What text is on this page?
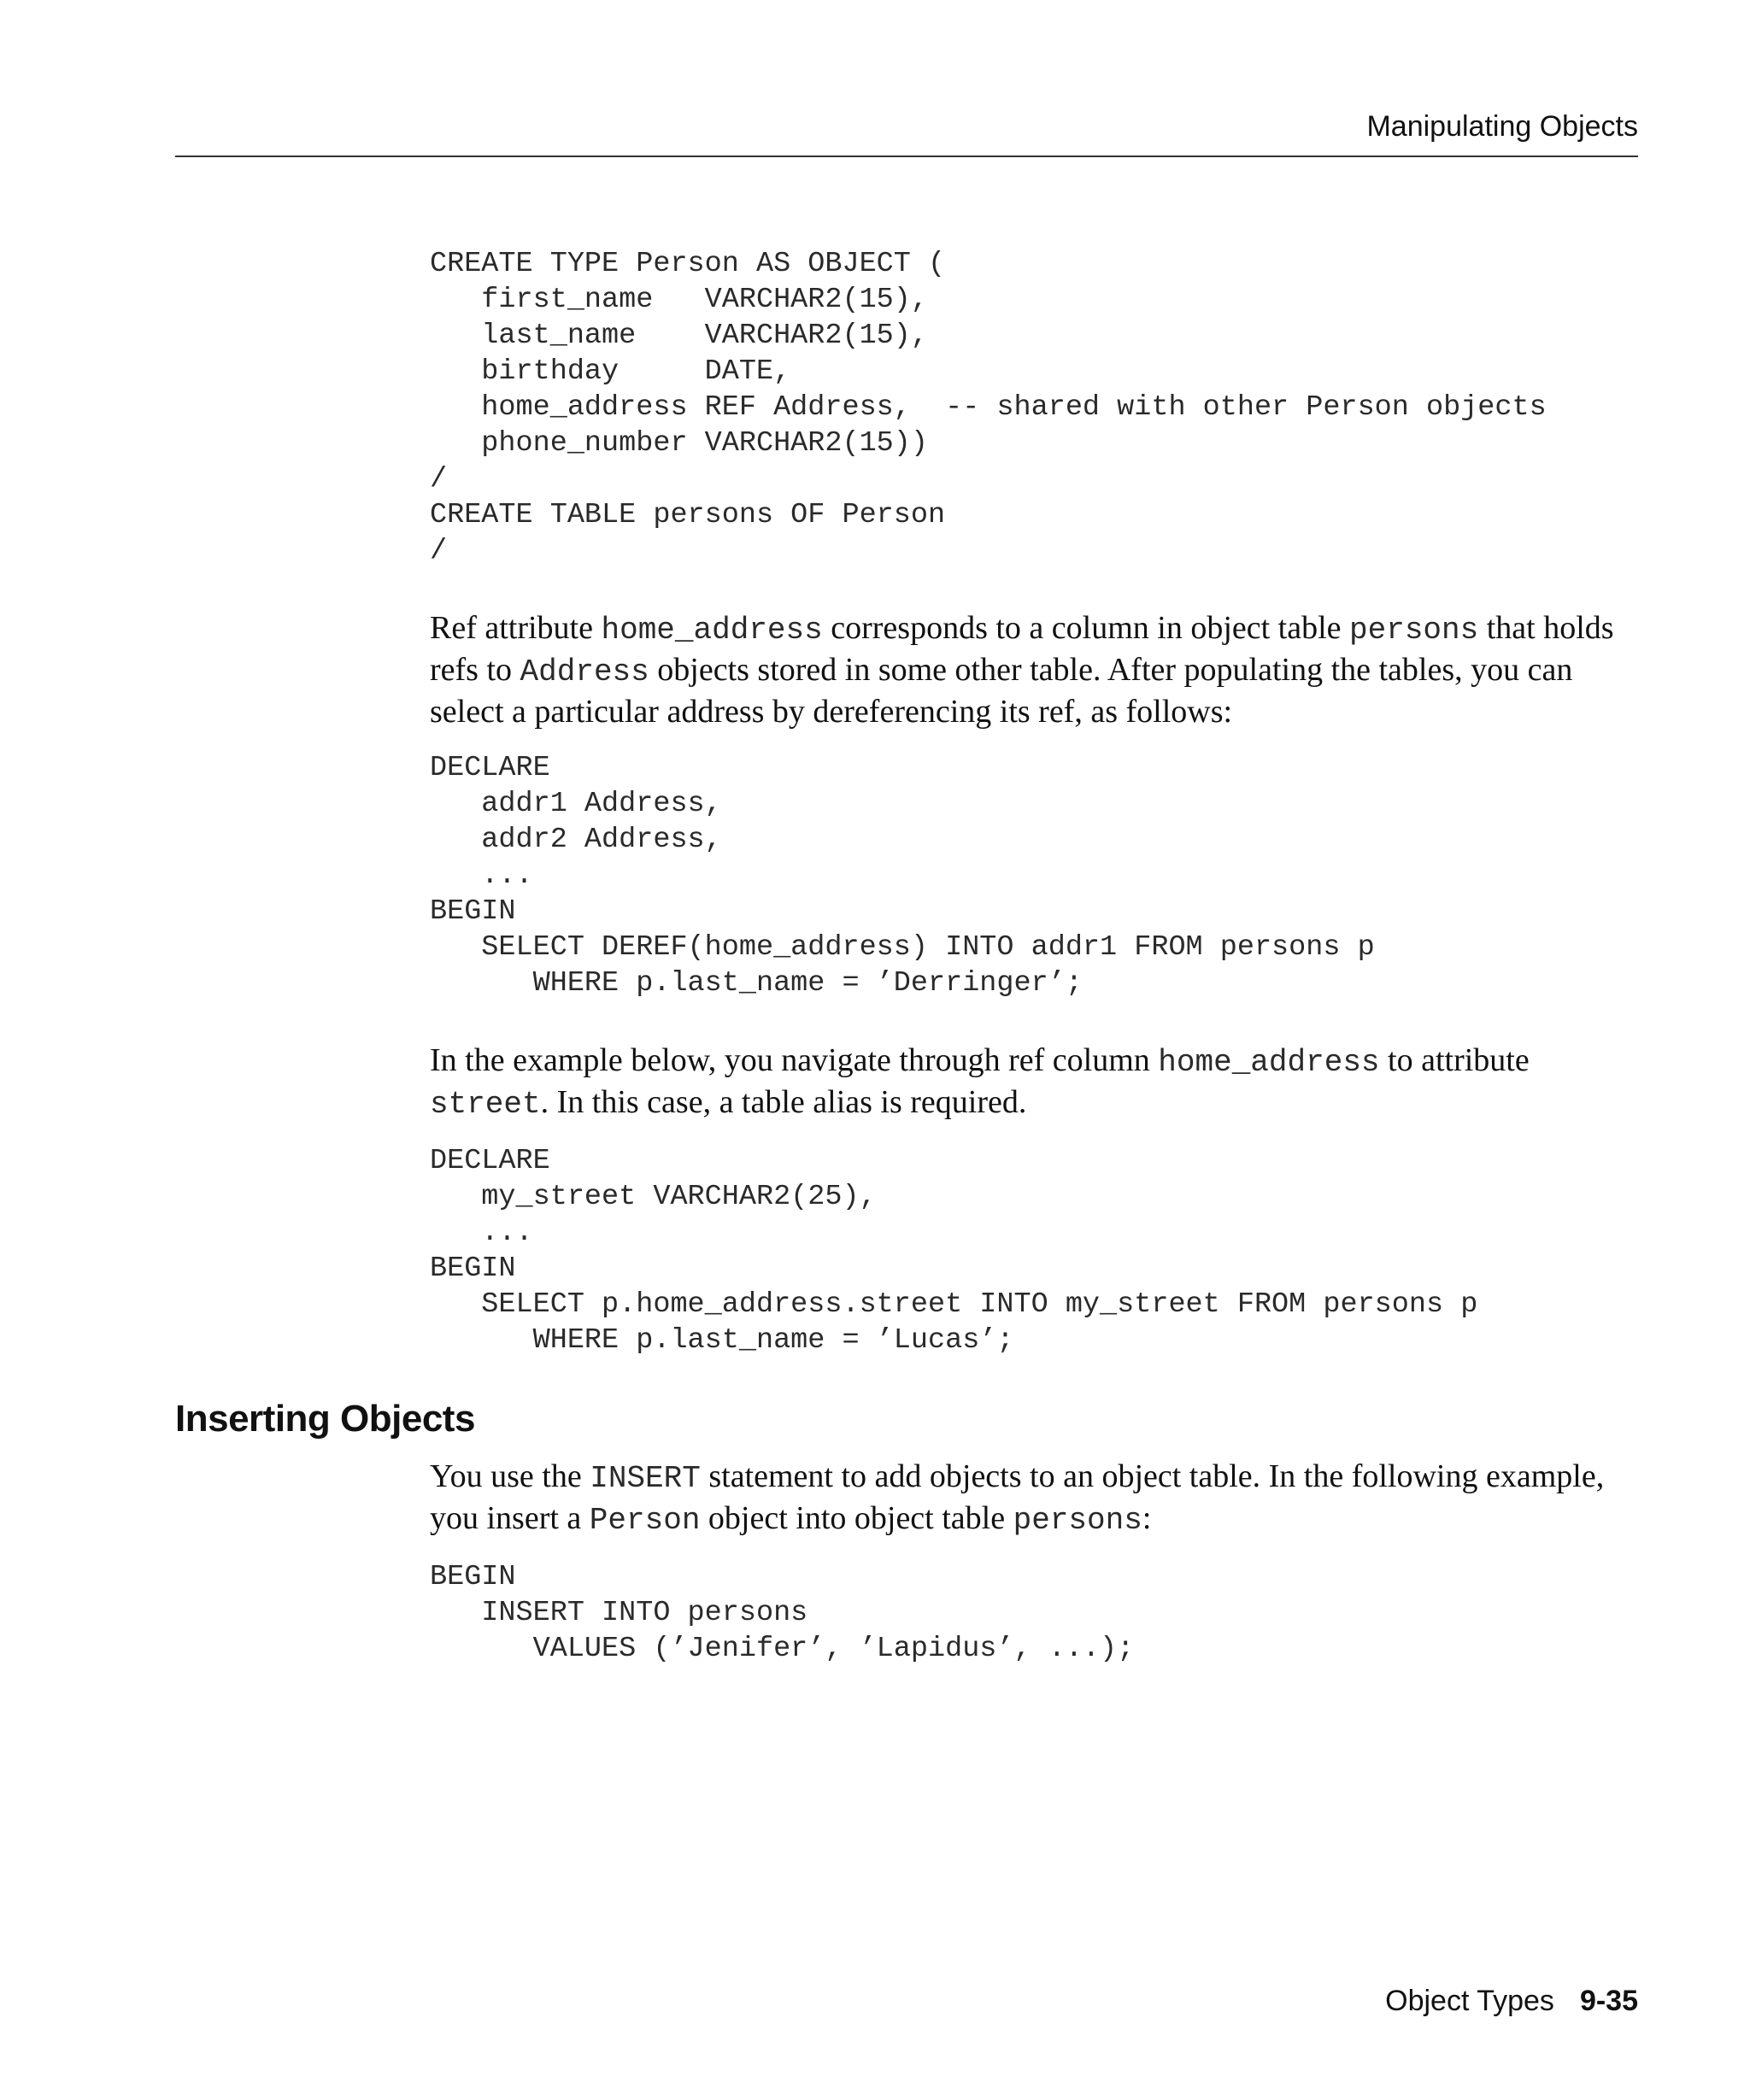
Manipulating Objects
CREATE TYPE Person AS OBJECT (
first_name   VARCHAR2(15),
last_name    VARCHAR2(15),
birthday     DATE,
home_address REF Address,  -- shared with other Person objects
phone_number VARCHAR2(15))
/
CREATE TABLE persons OF Person
/

Ref attribute home_address corresponds to a column in object table persons that holds refs to Address objects stored in some other table. After populating the tables, you can select a particular address by dereferencing its ref, as follows:

DECLARE
addr1 Address,
addr2 Address,
...
BEGIN
SELECT DEREF(home_address) INTO addr1 FROM persons p
WHERE p.last_name = ’Derringer’;

In the example below, you navigate through ref column home_address to attribute street. In this case, a table alias is required.

DECLARE
my_street VARCHAR2(25),
...
BEGIN
SELECT p.home_address.street INTO my_street FROM persons p
WHERE p.last_name = ’Lucas’;
Inserting Objects

You use the INSERT statement to add objects to an object table. In the following example, you insert a Person object into object table persons:

BEGIN
INSERT INTO persons
VALUES (’Jenifer’, ’Lapidus’, ...);
Object Types 9-35
